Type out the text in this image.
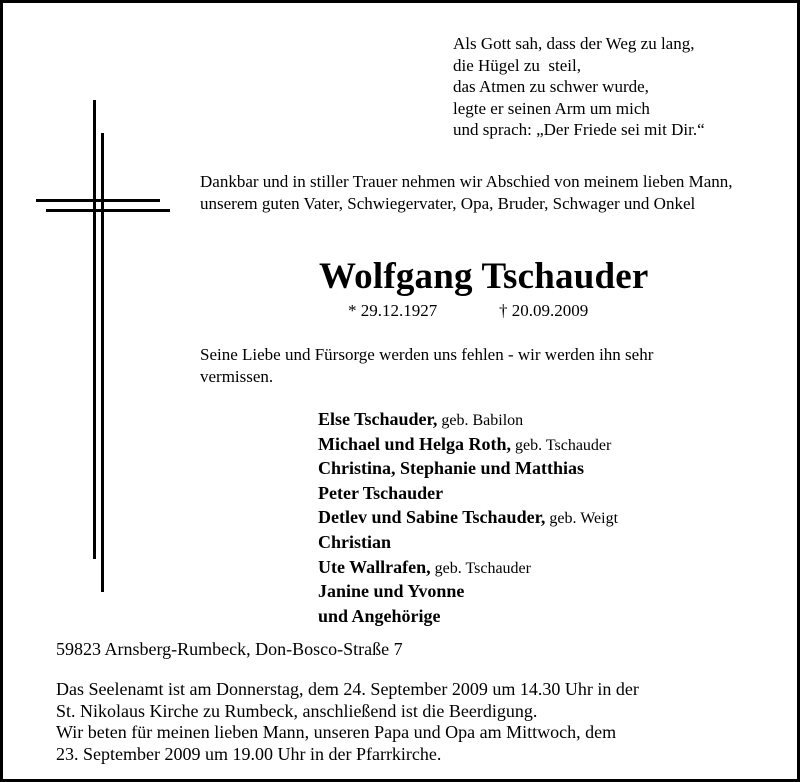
Als Gott sah, dass der Weg zu lang,
die Hügel zu  steil,
das Atmen zu schwer wurde,
legte er seinen Arm um mich
und sprach: „Der Friede sei mit Dir.“
Dankbar und in stiller Trauer nehmen wir Abschied von meinem lieben Mann, unserem guten Vater, Schwiegervater, Opa, Bruder, Schwager und Onkel
Wolfgang Tschauder
* 29.12.1927	† 20.09.2009
Seine Liebe und Fürsorge werden uns fehlen - wir werden ihn sehr vermissen.
Else Tschauder, geb. Babilon
Michael und Helga Roth, geb. Tschauder
Christina, Stephanie und Matthias
Peter Tschauder
Detlev und Sabine Tschauder, geb. Weigt
Christian
Ute Wallrafen, geb. Tschauder
Janine und Yvonne
und Angehörige
59823 Arnsberg-Rumbeck, Don-Bosco-Straße 7
Das Seelenamt ist am Donnerstag, dem 24. September 2009 um 14.30 Uhr in der
St. Nikolaus Kirche zu Rumbeck, anschließend ist die Beerdigung.
Wir beten für meinen lieben Mann, unseren Papa und Opa am Mittwoch, dem
23. September 2009 um 19.00 Uhr in der Pfarrkirche.
